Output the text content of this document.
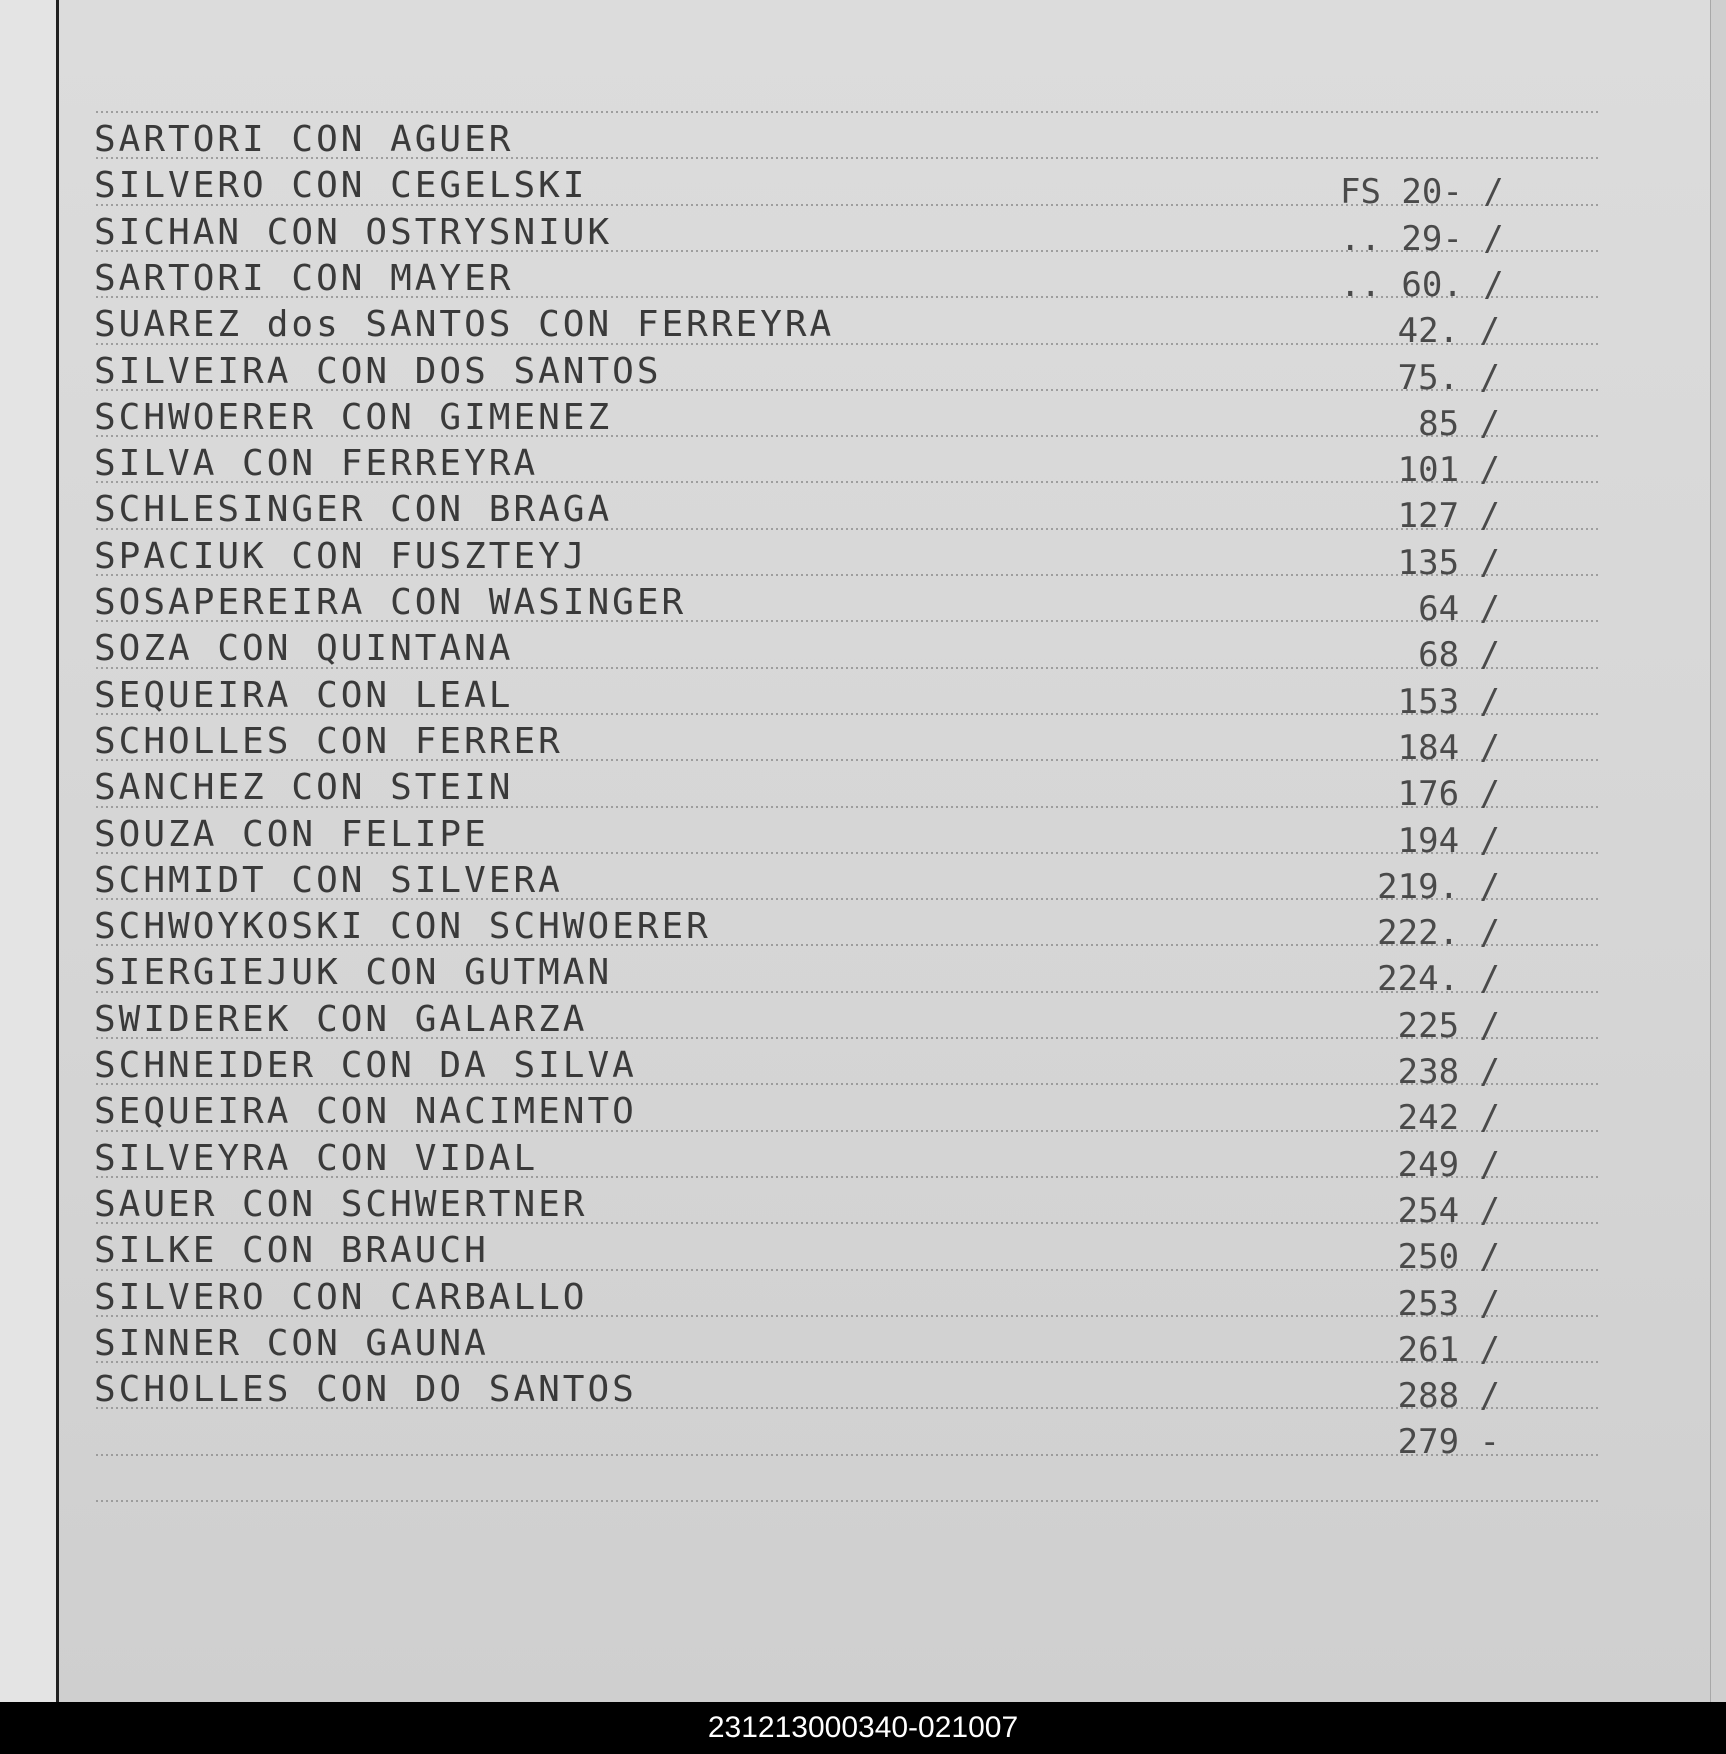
SARTORI CON AGUER
SILVERO CON CEGELSKI	FS 20- /
SICHAN CON OSTRYSNIUK	.. 29- /
SARTORI CON MAYER	.. 60. /
SUAREZ dos SANTOS CON FERREYRA	42. /
SILVEIRA CON DOS SANTOS	75. /
SCHWOERER CON GIMENEZ	85 /
SILVA CON FERREYRA	101 /
SCHLESINGER CON BRAGA	127 /
SPACIUK CON FUSZTEYJ	135 /
SOSAPEREIRA CON WASINGER	64 /
SOZA CON QUINTANA	68 /
SEQUEIRA CON LEAL	153 /
SCHOLLES CON FERRER	184 /
SANCHEZ CON STEIN	176 /
SOUZA CON FELIPE	194 /
SCHMIDT CON SILVERA	219. /
SCHWOYKOSKI CON SCHWOERER	222. /
SIERGIEJUK CON GUTMAN	224. /
SWIDEREK CON GALARZA	225 /
SCHNEIDER CON DA SILVA	238 /
SEQUEIRA CON NACIMENTO	242 /
SILVEYRA CON VIDAL	249 /
SAUER CON SCHWERTNER	254 /
SILKE CON BRAUCH	250 /
SILVERO CON CARBALLO	253 /
SINNER CON GAUNA	261 /
SCHOLLES CON DO SANTOS	288 /
279 -
231213000340-021007
